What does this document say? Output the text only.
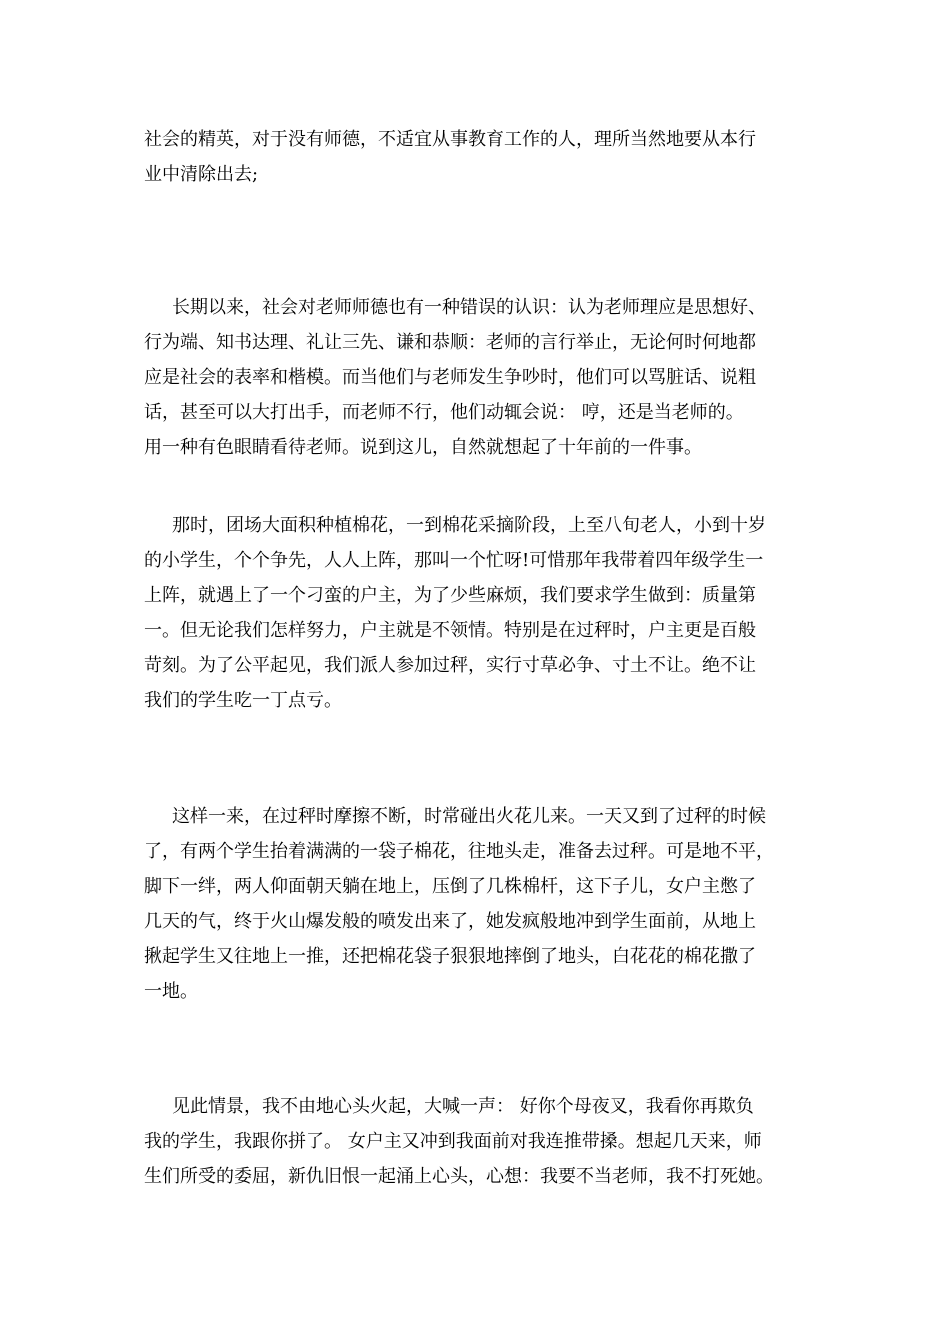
社会的精英，对于没有师德，不适宜从事教育工作的人，理所当然地要从本行
业中清除出去;
长期以来，社会对老师师德也有一种错误的认识：认为老师理应是思想好、
行为端、知书达理、礼让三先、谦和恭顺：老师的言行举止，无论何时何地都
应是社会的表率和楷模。而当他们与老师发生争吵时，他们可以骂脏话、说粗
话，甚至可以大打出手，而老师不行，他们动辄会说： 哼，还是当老师的。
用一种有色眼睛看待老师。说到这儿，自然就想起了十年前的一件事。
那时，团场大面积种植棉花，一到棉花采摘阶段，上至八旬老人，小到十岁
的小学生，个个争先，人人上阵，那叫一个忙呀!可惜那年我带着四年级学生一
上阵，就遇上了一个刁蛮的户主，为了少些麻烦，我们要求学生做到：质量第
一。但无论我们怎样努力，户主就是不领情。特别是在过秤时，户主更是百般
苛刻。为了公平起见，我们派人参加过秤，实行寸草必争、寸土不让。绝不让
我们的学生吃一丁点亏。
这样一来，在过秤时摩擦不断，时常碰出火花儿来。一天又到了过秤的时候
了，有两个学生抬着满满的一袋子棉花，往地头走，准备去过秤。可是地不平，
脚下一绊，两人仰面朝天躺在地上，压倒了几株棉杆，这下子儿，女户主憋了
几天的气，终于火山爆发般的喷发出来了，她发疯般地冲到学生面前，从地上
揪起学生又往地上一推，还把棉花袋子狠狠地摔倒了地头，白花花的棉花撒了
一地。
见此情景，我不由地心头火起，大喊一声： 好你个母夜叉，我看你再欺负
我的学生，我跟你拼了。 女户主又冲到我面前对我连推带搡。想起几天来，师
生们所受的委屈，新仇旧恨一起涌上心头，心想：我要不当老师，我不打死她。
